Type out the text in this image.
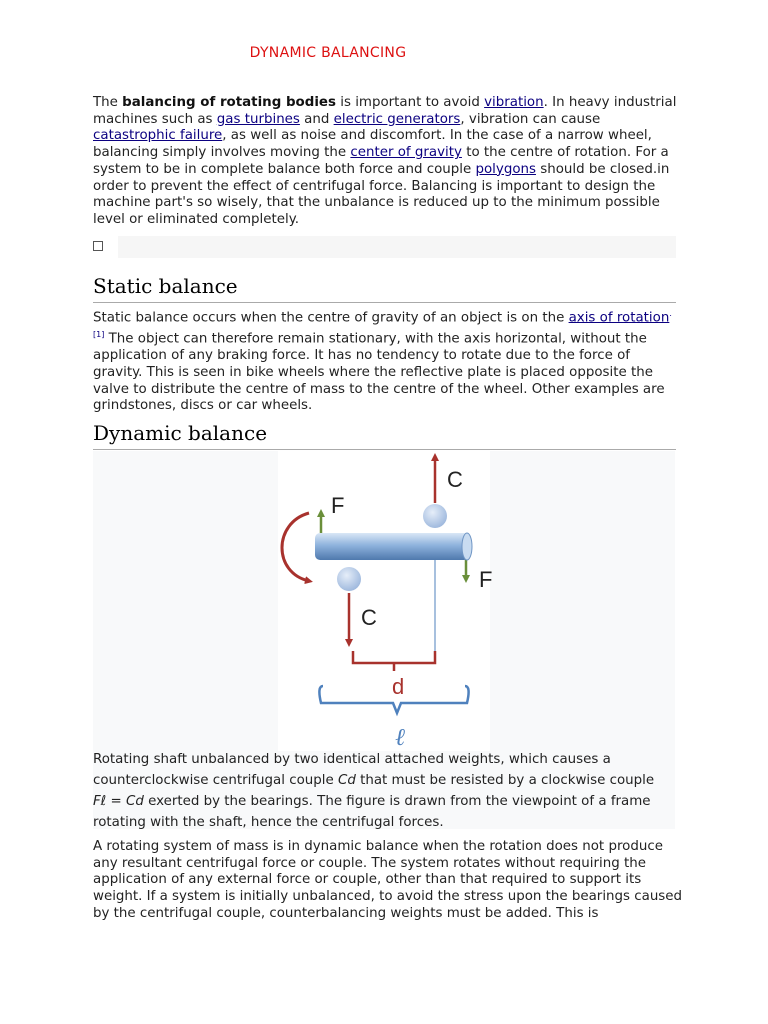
DYNAMIC BALANCING

The balancing of rotating bodies is important to avoid vibration. In heavy industrial machines such as gas turbines and electric generators, vibration can cause catastrophic failure, as well as noise and discomfort. In the case of a narrow wheel, balancing simply involves moving the center of gravity to the centre of rotation. For a system to be in complete balance both force and couple polygons should be closed.in order to prevent the effect of centrifugal force. Balancing is important to design the machine part's so wisely, that the unbalance is reduced up to the minimum possible level or eliminated completely.

Static balance

Static balance occurs when the centre of gravity of an object is on the axis of rotation$^{.[1]}$ The object can therefore remain stationary, with the axis horizontal, without the application of any braking force. It has no tendency to rotate due to the force of gravity. This is seen in bike wheels where the reflective plate is placed opposite the valve to distribute the centre of mass to the centre of the wheel. Other examples are grindstones, discs or car wheels.

Dynamic balance
C
F
F
C
d
ℓ
Rotating shaft unbalanced by two identical attached weights, which causes a counterclockwise centrifugal couple Cd that must be resisted by a clockwise couple Fℓ = Cd exerted by the bearings. The figure is drawn from the viewpoint of a frame rotating with the shaft, hence the centrifugal forces.

A rotating system of mass is in dynamic balance when the rotation does not produce any resultant centrifugal force or couple. The system rotates without requiring the application of any external force or couple, other than that required to support its weight. If a system is initially unbalanced, to avoid the stress upon the bearings caused by the centrifugal couple, counterbalancing weights must be added. This is
